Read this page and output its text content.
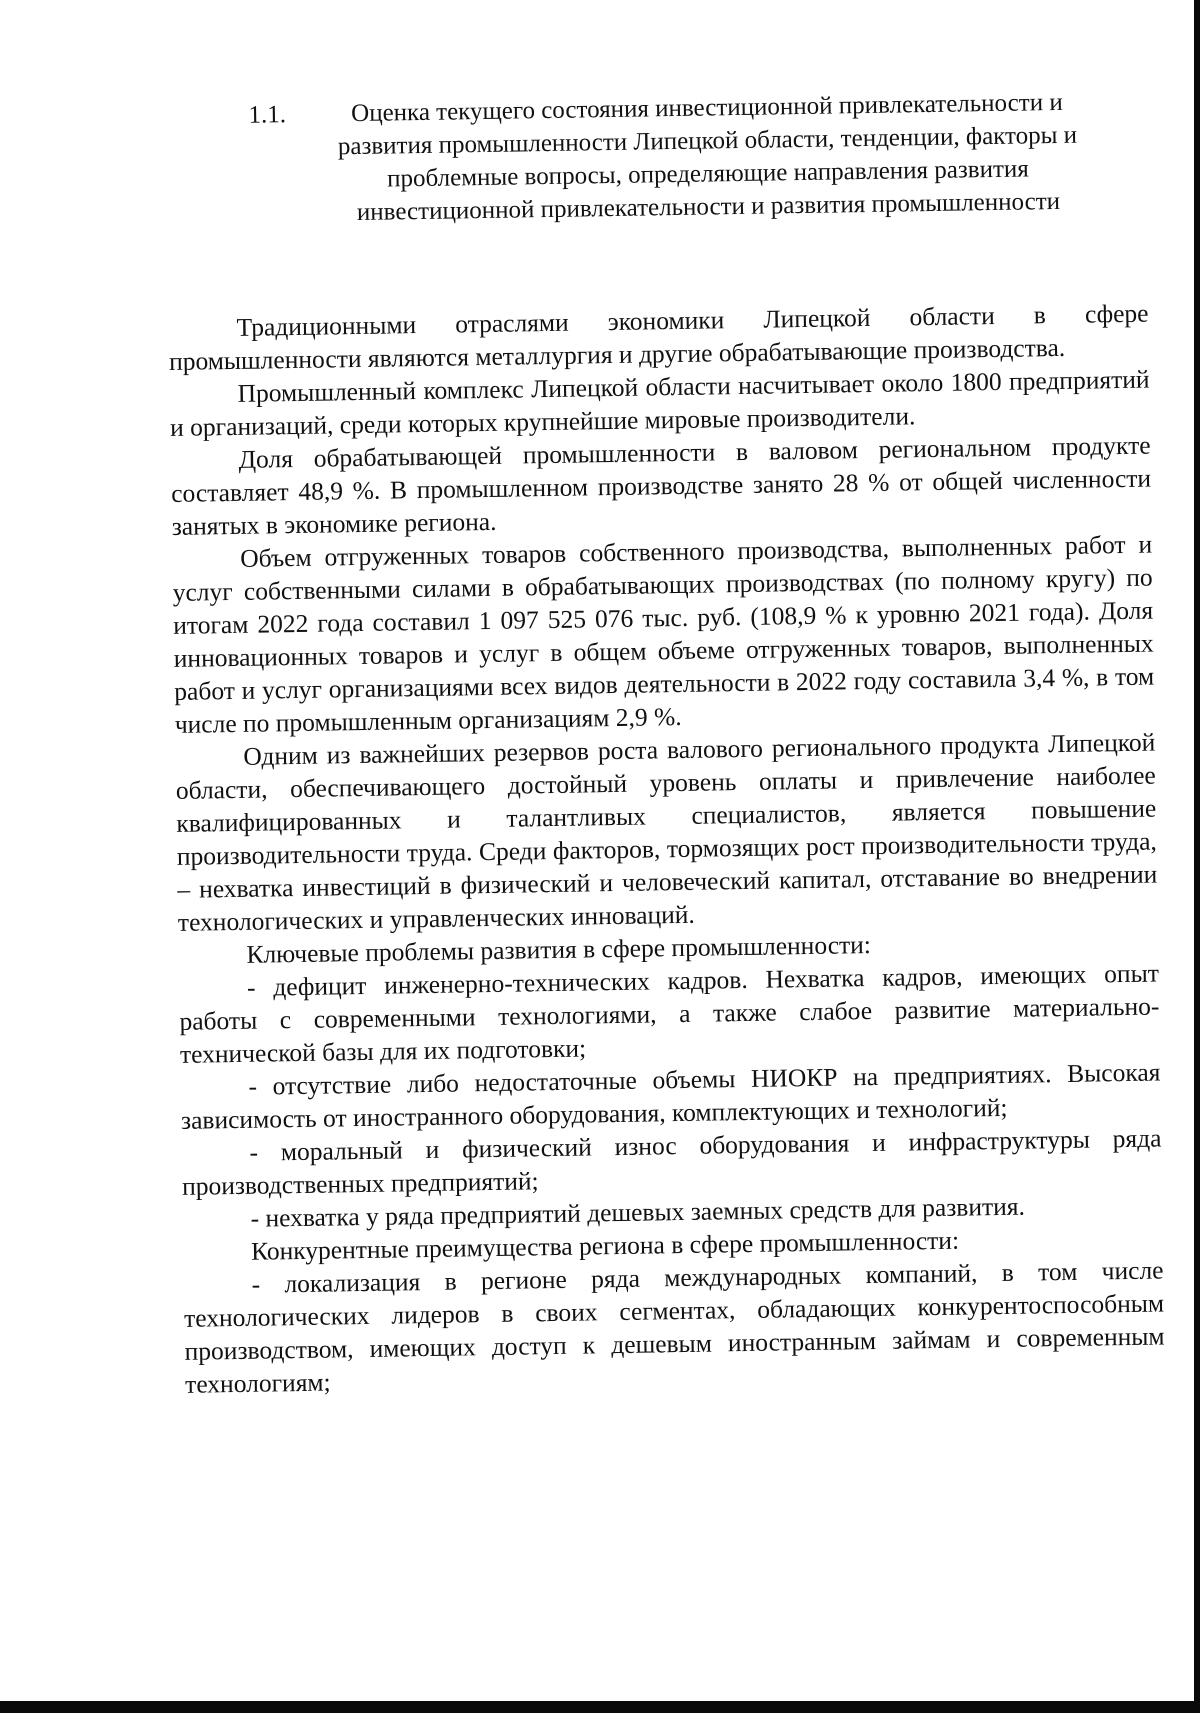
1.1.	Оценка текущего состояния инвестиционной привлекательности и развития промышленности Липецкой области, тенденции, факторы и проблемные вопросы, определяющие направления развития инвестиционной привлекательности и развития промышленности

Традиционными отраслями экономики Липецкой области в сфере промышленности являются металлургия и другие обрабатывающие производства.

Промышленный комплекс Липецкой области насчитывает около 1800 предприятий и организаций, среди которых крупнейшие мировые производители.

Доля обрабатывающей промышленности в валовом региональном продукте составляет 48,9 %. В промышленном производстве занято 28 % от общей численности занятых в экономике региона.

Объем отгруженных товаров собственного производства, выполненных работ и услуг собственными силами в обрабатывающих производствах (по полному кругу) по итогам 2022 года составил 1 097 525 076 тыс. руб. (108,9 % к уровню 2021 года). Доля инновационных товаров и услуг в общем объеме отгруженных товаров, выполненных работ и услуг организациями всех видов деятельности в 2022 году составила 3,4 %, в том числе по промышленным организациям 2,9 %.

Одним из важнейших резервов роста валового регионального продукта Липецкой области, обеспечивающего достойный уровень оплаты и привлечение наиболее квалифицированных и талантливых специалистов, является повышение производительности труда. Среди факторов, тормозящих рост производительности труда, – нехватка инвестиций в физический и человеческий капитал, отставание во внедрении технологических и управленческих инноваций.

Ключевые проблемы развития в сфере промышленности:

- дефицит инженерно-технических кадров. Нехватка кадров, имеющих опыт работы с современными технологиями, а также слабое развитие материально-технической базы для их подготовки;

- отсутствие либо недостаточные объемы НИОКР на предприятиях. Высокая зависимость от иностранного оборудования, комплектующих и технологий;

- моральный и физический износ оборудования и инфраструктуры ряда производственных предприятий;

- нехватка у ряда предприятий дешевых заемных средств для развития.

Конкурентные преимущества региона в сфере промышленности:

- локализация в регионе ряда международных компаний, в том числе технологических лидеров в своих сегментах, обладающих конкурентоспособным производством, имеющих доступ к дешевым иностранным займам и современным технологиям;
